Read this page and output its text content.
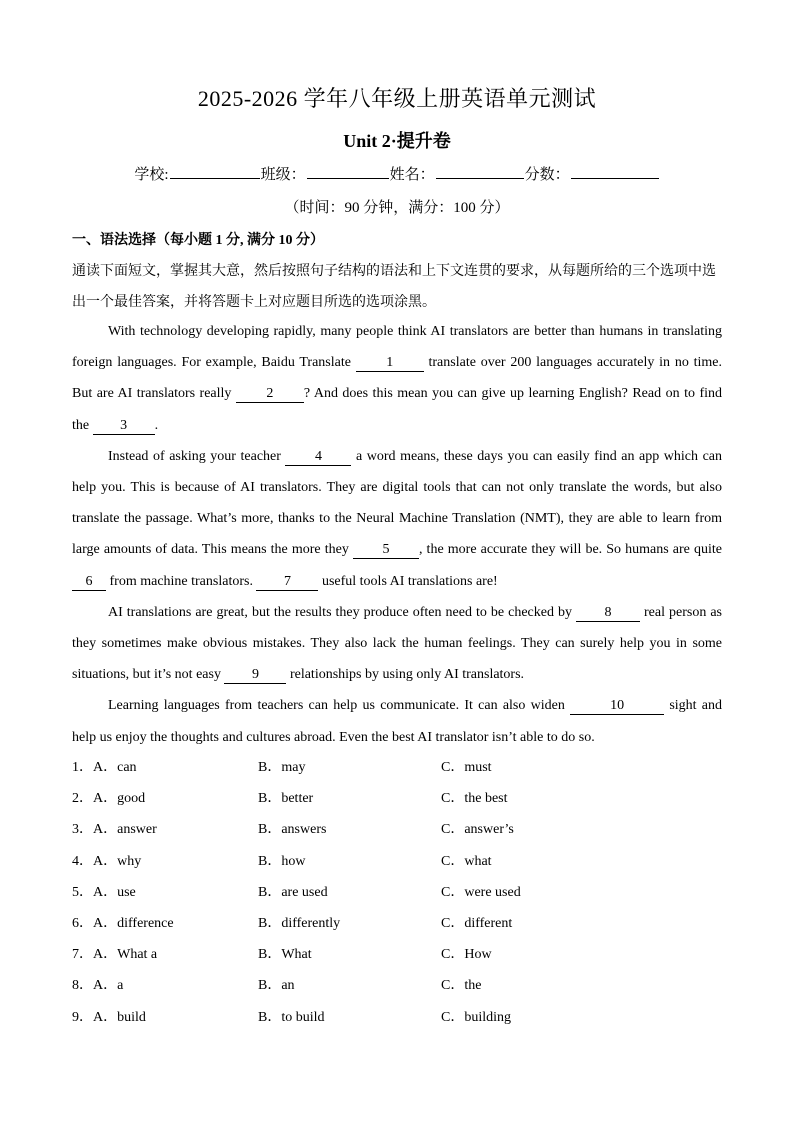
2025-2026 学年八年级上册英语单元测试
Unit 2·提升卷
学校:	班级：	姓名：	分数：
（时间：90 分钟，满分：100 分）
一、语法选择（每小题 1 分, 满分 10 分）
通读下面短文，掌握其大意，然后按照句子结构的语法和上下文连贯的要求，从每题所给的三个选项中选出一个最佳答案，并将答题卡上对应题目所选的选项涂黑。

With technology developing rapidly, many people think AI translators are better than humans in translating foreign languages. For example, Baidu Translate 1 translate over 200 languages accurately in no time. But are AI translators really 2 ? And does this mean you can give up learning English? Read on to find the 3 .

Instead of asking your teacher 4 a word means, these days you can easily find an app which can help you. This is because of AI translators. They are digital tools that can not only translate the words, but also translate the passage. What’s more, thanks to the Neural Machine Translation (NMT), they are able to learn from large amounts of data. This means the more they 5 , the more accurate they will be. So humans are quite 6 from machine translators. 7 useful tools AI translations are!

AI translations are great, but the results they produce often need to be checked by 8 real person as they sometimes make obvious mistakes. They also lack the human feelings. They can surely help you in some situations, but it’s not easy 9 relationships by using only AI translators.

Learning languages from teachers can help us communicate. It can also widen	10	sight and help us enjoy the thoughts and cultures abroad. Even the best AI translator isn’t able to do so.

1．A．can	B．may	C．must
2．A．good	B．better	C．the best
3．A．answer	B．answers	C．answer’s
4．A．why	B．how	C．what
5．A．use	B．are used	C．were used
6．A．difference	B．differently	C．different
7．A．What a	B．What	C．How
8．A．a	B．an	C．the
9．A．build	B．to build	C．building
